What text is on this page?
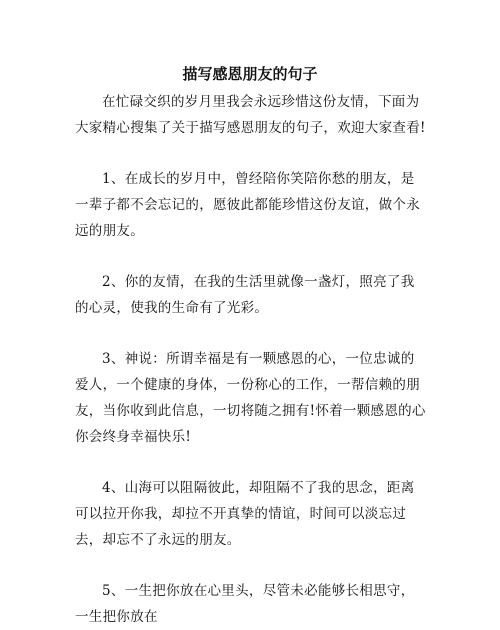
描写感恩朋友的句子

在忙碌交织的岁月里我会永远珍惜这份友情，下面为大家精心搜集了关于描写感恩朋友的句子，欢迎大家查看!

1、在成长的岁月中，曾经陪你笑陪你愁的朋友，是一辈子都不会忘记的，愿彼此都能珍惜这份友谊，做个永远的朋友。

2、你的友情，在我的生活里就像一盏灯，照亮了我的心灵，使我的生命有了光彩。

3、神说：所谓幸福是有一颗感恩的心，一位忠诚的爱人，一个健康的身体，一份称心的工作，一帮信赖的朋友，当你收到此信息，一切将随之拥有!怀着一颗感恩的心你会终身幸福快乐!

4、山海可以阻隔彼此，却阻隔不了我的思念，距离可以拉开你我，却拉不开真挚的情谊，时间可以淡忘过去，却忘不了永远的朋友。

5、一生把你放在心里头，尽管未必能够长相思守，一生把你放在
